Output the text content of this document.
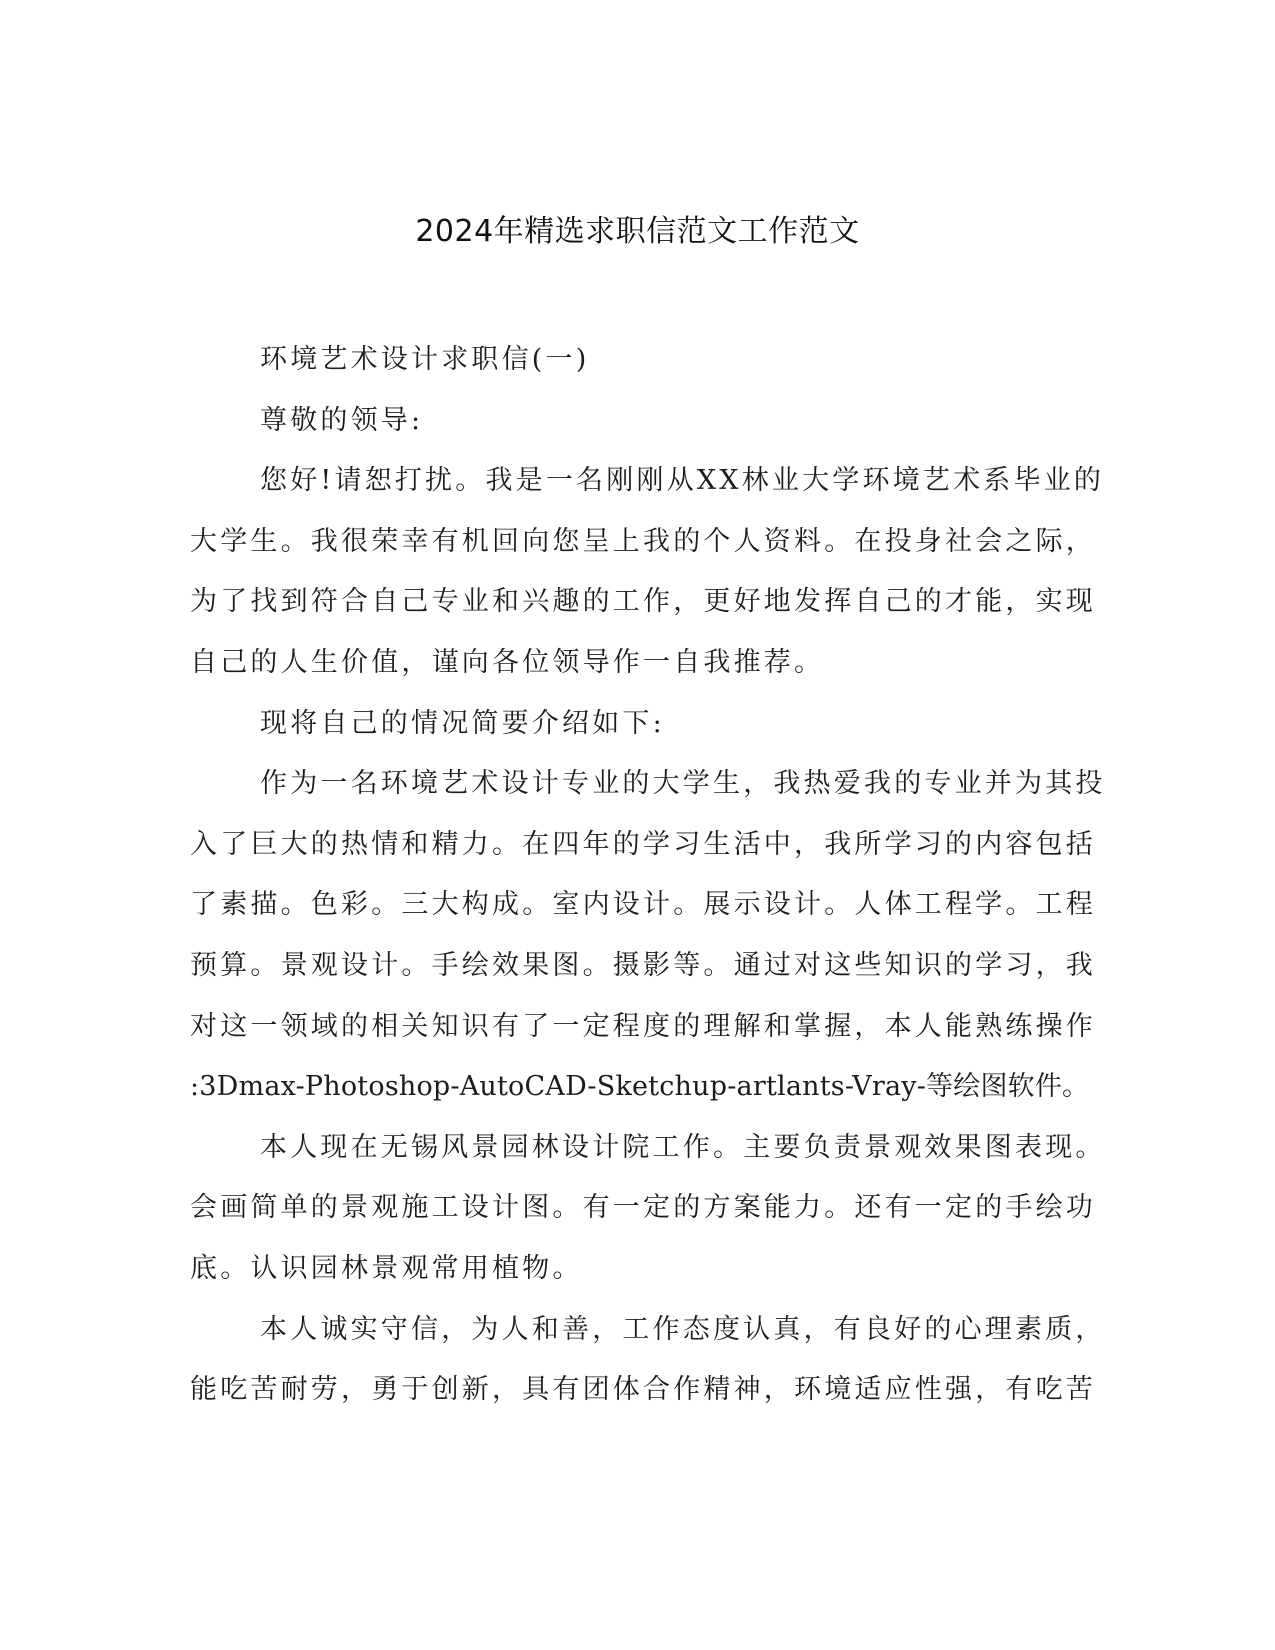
2024年精选求职信范文工作范文

环境艺术设计求职信(一)

尊敬的领导:

您好!请恕打扰。我是一名刚刚从XX林业大学环境艺术系毕业的
大学生。我很荣幸有机回向您呈上我的个人资料。在投身社会之际，
为了找到符合自己专业和兴趣的工作，更好地发挥自己的才能，实现
自己的人生价值，谨向各位领导作一自我推荐。

现将自己的情况简要介绍如下:

作为一名环境艺术设计专业的大学生，我热爱我的专业并为其投
入了巨大的热情和精力。在四年的学习生活中，我所学习的内容包括
了素描。色彩。三大构成。室内设计。展示设计。人体工程学。工程
预算。景观设计。手绘效果图。摄影等。通过对这些知识的学习，我
对这一领域的相关知识有了一定程度的理解和掌握，本人能熟练操作
:3Dmax-Photoshop-AutoCAD-Sketchup-artlants-Vray-等绘图软件。

本人现在无锡风景园林设计院工作。主要负责景观效果图表现。
会画简单的景观施工设计图。有一定的方案能力。还有一定的手绘功
底。认识园林景观常用植物。

本人诚实守信，为人和善，工作态度认真，有良好的心理素质，
能吃苦耐劳，勇于创新，具有团体合作精神，环境适应性强，有吃苦
